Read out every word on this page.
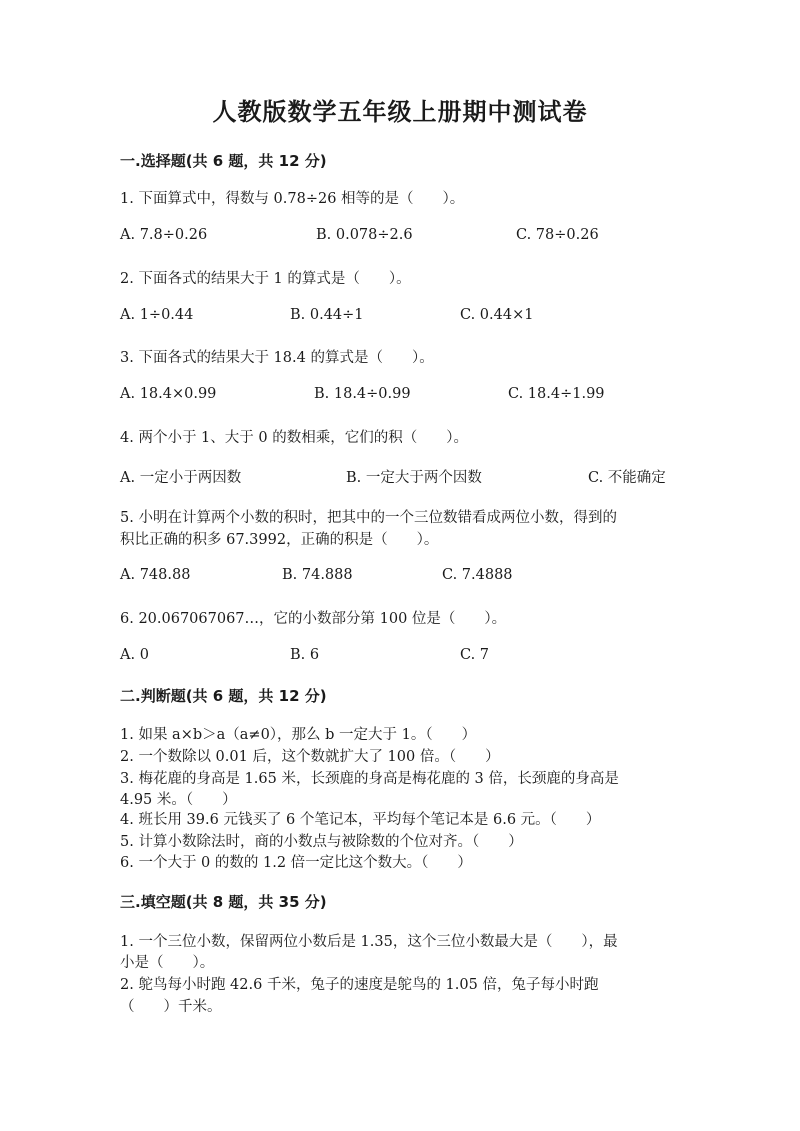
人教版数学五年级上册期中测试卷
一.选择题(共 6 题，共 12 分)
1. 下面算式中，得数与 0.78÷26 相等的是（　　）。
A. 7.8÷0.26	B. 0.078÷2.6	C. 78÷0.26
2. 下面各式的结果大于 1 的算式是（　　）。
A. 1÷0.44	B. 0.44÷1	C. 0.44×1
3. 下面各式的结果大于 18.4 的算式是（　　）。
A. 18.4×0.99	B. 18.4÷0.99	C. 18.4÷1.99
4. 两个小于 1、大于 0 的数相乘，它们的积（　　）。
A. 一定小于两因数	B. 一定大于两个因数	C. 不能确定
5. 小明在计算两个小数的积时，把其中的一个三位数错看成两位小数，得到的
积比正确的积多 67.3992，正确的积是（　　）。
A. 748.88	B. 74.888	C. 7.4888
6. 20.067067067…，它的小数部分第 100 位是（　　）。
A. 0	B. 6	C. 7
二.判断题(共 6 题，共 12 分)
1. 如果 a×b＞a（a≠0），那么 b 一定大于 1。（　　）
2. 一个数除以 0.01 后，这个数就扩大了 100 倍。（　　）
3. 梅花鹿的身高是 1.65 米，长颈鹿的身高是梅花鹿的 3 倍，长颈鹿的身高是
4.95 米。（　　）
4. 班长用 39.6 元钱买了 6 个笔记本，平均每个笔记本是 6.6 元。（　　）
5. 计算小数除法时，商的小数点与被除数的个位对齐。（　　）
6. 一个大于 0 的数的 1.2 倍一定比这个数大。（　　）
三.填空题(共 8 题，共 35 分)
1. 一个三位小数，保留两位小数后是 1.35，这个三位小数最大是（　　），最
小是（　　）。
2. 鸵鸟每小时跑 42.6 千米，兔子的速度是鸵鸟的 1.05 倍，兔子每小时跑
（　　）千米。
